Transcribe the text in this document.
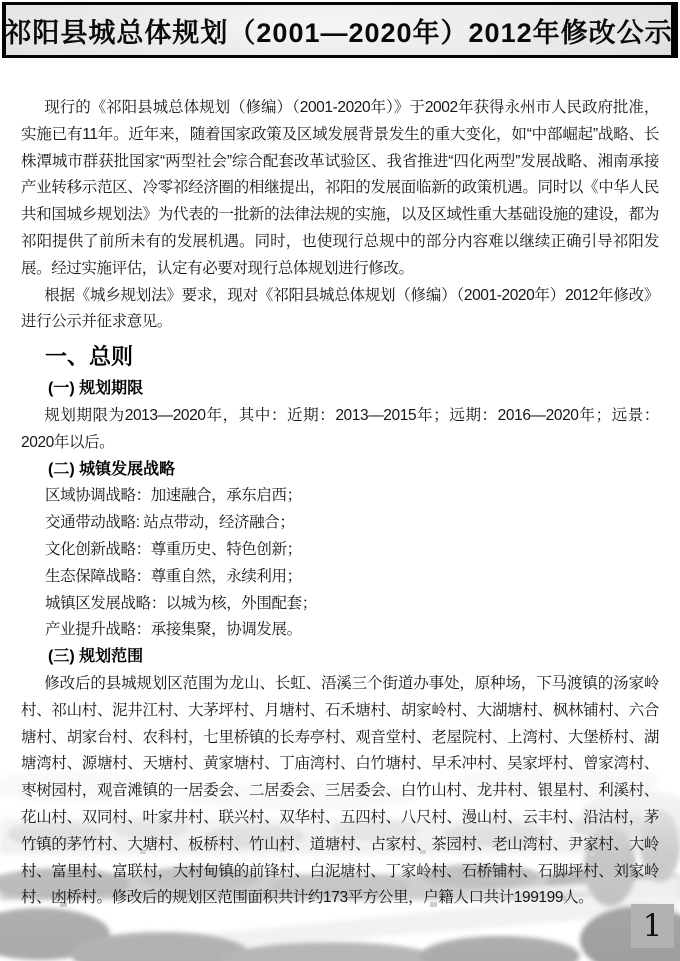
祁阳县城总体规划（2001—2020年）2012年修改公示

现行的《祁阳县城总体规划（修编）（2001-2020年）》于2002年获得永州市人民政府批准，实施已有11年。近年来，随着国家政策及区域发展背景发生的重大变化，如“中部崛起”战略、长株潭城市群获批国家“两型社会”综合配套改革试验区、我省推进“四化两型”发展战略、湘南承接产业转移示范区、冷零祁经济圈的相继提出，祁阳的发展面临新的政策机遇。同时以《中华人民共和国城乡规划法》为代表的一批新的法律法规的实施，以及区域性重大基础设施的建设，都为祁阳提供了前所未有的发展机遇。同时，也使现行总规中的部分内容难以继续正确引导祁阳发展。经过实施评估，认定有必要对现行总体规划进行修改。

根据《城乡规划法》要求，现对《祁阳县城总体规划（修编）（2001-2020年）2012年修改》进行公示并征求意见。

一、总则
(一) 规划期限

规划期限为2013—2020年，其中：近期：2013—2015年；远期：2016—2020年；远景：2020年以后。

(二) 城镇发展战略
区域协调战略：加速融合，承东启西；
交通带动战略: 站点带动，经济融合；
文化创新战略：尊重历史、特色创新；
生态保障战略：尊重自然，永续利用；
城镇区发展战略：以城为核，外围配套；
产业提升战略：承接集聚，协调发展。
(三) 规划范围

修改后的县城规划区范围为龙山、长虹、浯溪三个街道办事处，原种场，下马渡镇的汤家岭村、祁山村、泥井江村、大茅坪村、月塘村、石禾塘村、胡家岭村、大湖塘村、枫林铺村、六合塘村、胡家台村、农科村，七里桥镇的长寿亭村、观音堂村、老屋院村、上湾村、大堡桥村、湖塘湾村、源塘村、天塘村、黄家塘村、丁庙湾村、白竹塘村、早禾冲村、吴家坪村、曾家湾村、枣树园村，观音滩镇的一居委会、二居委会、三居委会、白竹山村、龙井村、银星村、利溪村、花山村、双同村、叶家井村、联兴村、双华村、五四村、八尺村、漫山村、云丰村、沿沽村，茅竹镇的茅竹村、大塘村、板桥村、竹山村、道塘村、占家村、茶园村、老山湾村、尹家村、大岭村、富里村、富联村，大村甸镇的前锋村、白泥塘村、丁家岭村、石桥铺村、石脚坪村、刘家岭村、凼桥村。修改后的规划区范围面积共计约173平方公里，户籍人口共计199199人。

1
